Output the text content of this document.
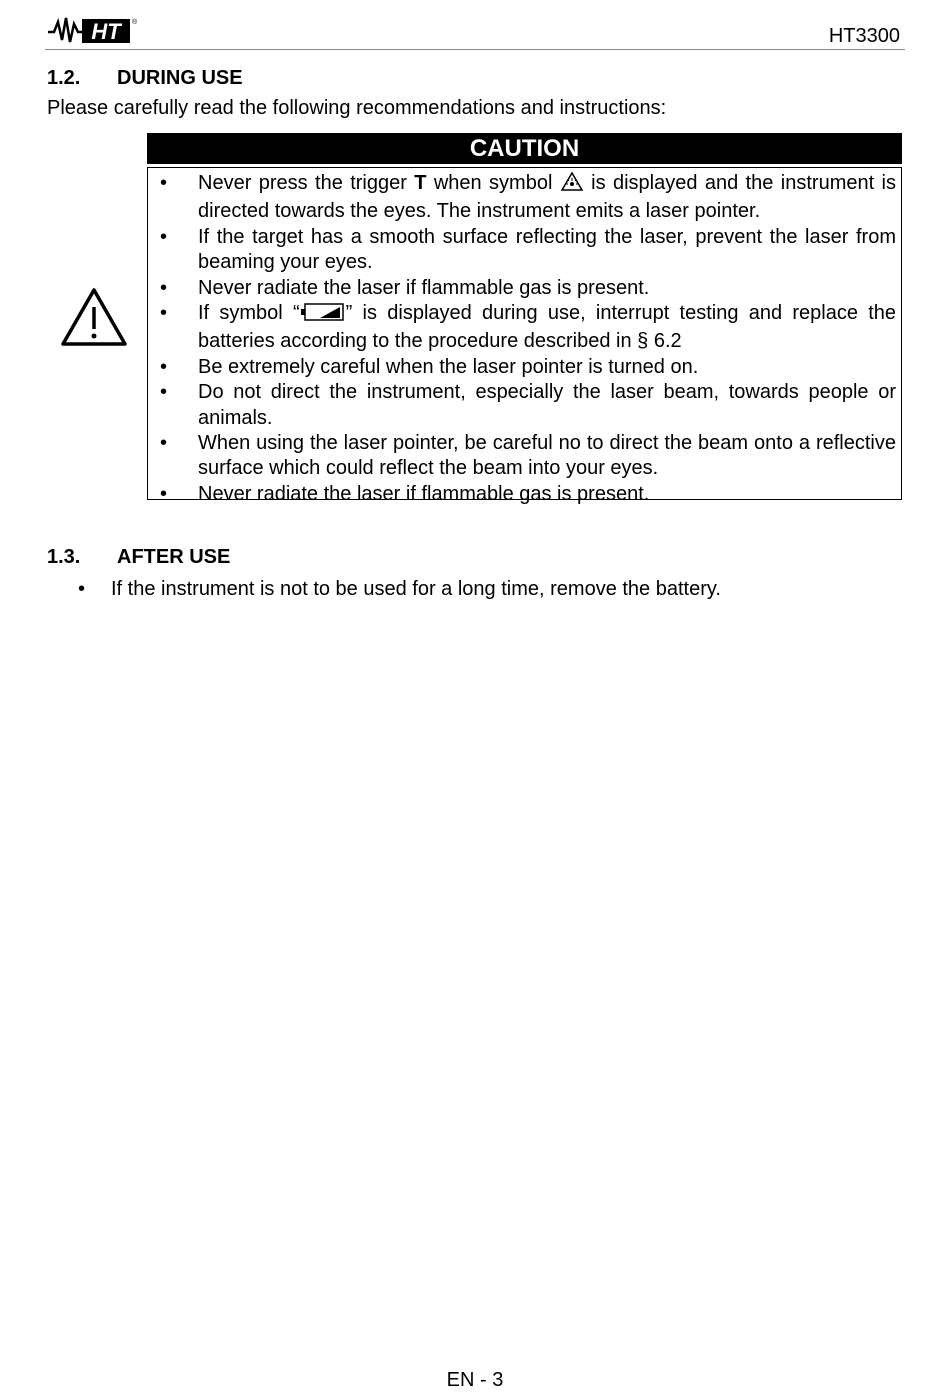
HT ®
HT3300
1.2. DURING USE
Please carefully read the following recommendations and instructions:
CAUTION
• Never press the trigger T when symbol  is displayed and the instrument is directed towards the eyes. The instrument emits a laser pointer.
• If the target has a smooth surface reflecting the laser, prevent the laser from beaming your eyes.
• Never radiate the laser if flammable gas is present.
• If symbol “ ” is displayed during use, interrupt testing and replace the batteries according to the procedure described in § 6.2
• Be extremely careful when the laser pointer is turned on.
• Do not direct the instrument, especially the laser beam, towards people or animals.
• When using the laser pointer, be careful no to direct the beam onto a reflective surface which could reflect the beam into your eyes.
• Never radiate the laser if flammable gas is present.
1.3. AFTER USE
• If the instrument is not to be used for a long time, remove the battery.
EN - 3
